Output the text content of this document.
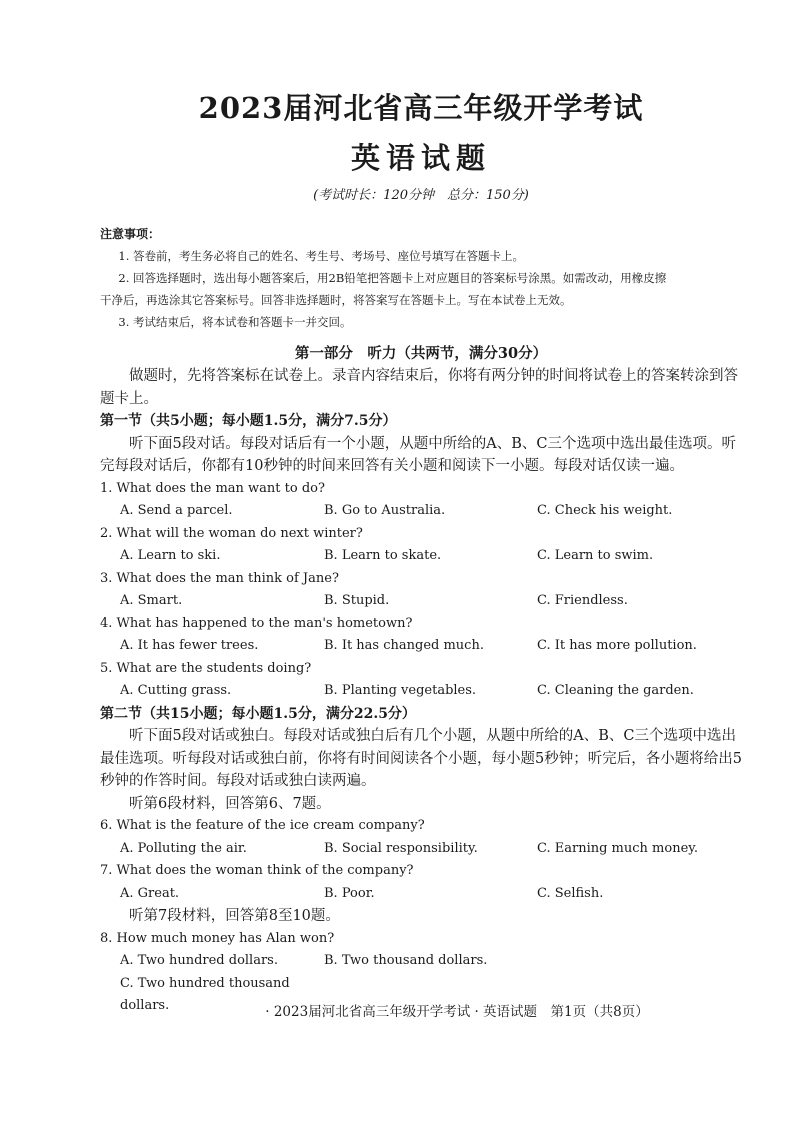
2023届河北省高三年级开学考试
英语试题
(考试时长：120分钟　总分：150分)
注意事项：
1. 答卷前，考生务必将自己的姓名、考生号、考场号、座位号填写在答题卡上。
2. 回答选择题时，选出每小题答案后，用2B铅笔把答题卡上对应题目的答案标号涂黑。如需改动，用橡皮擦
干净后，再选涂其它答案标号。回答非选择题时，将答案写在答题卡上。写在本试卷上无效。
3. 考试结束后，将本试卷和答题卡一并交回。
第一部分　听力（共两节，满分30分）

做题时，先将答案标在试卷上。录音内容结束后，你将有两分钟的时间将试卷上的答案转涂到答题卡上。

第一节（共5小题；每小题1.5分，满分7.5分）

听下面5段对话。每段对话后有一个小题，从题中所给的A、B、C三个选项中选出最佳选项。听完每段对话后，你都有10秒钟的时间来回答有关小题和阅读下一小题。每段对话仅读一遍。

1. What does the man want to do?

A. Send a parcel.	B. Go to Australia.	C. Check his weight.

2. What will the woman do next winter?

A. Learn to ski.	B. Learn to skate.	C. Learn to swim.

3. What does the man think of Jane?

A. Smart.	B. Stupid.	C. Friendless.

4. What has happened to the man's hometown?

A. It has fewer trees.	B. It has changed much.	C. It has more pollution.

5. What are the students doing?

A. Cutting grass.	B. Planting vegetables.	C. Cleaning the garden.

第二节（共15小题；每小题1.5分，满分22.5分）

听下面5段对话或独白。每段对话或独白后有几个小题，从题中所给的A、B、C三个选项中选出最佳选项。听每段对话或独白前，你将有时间阅读各个小题，每小题5秒钟；听完后，各小题将给出5秒钟的作答时间。每段对话或独白读两遍。

听第6段材料，回答第6、7题。

6. What is the feature of the ice cream company?

A. Polluting the air.	B. Social responsibility.	C. Earning much money.

7. What does the woman think of the company?

A. Great.	B. Poor.	C. Selfish.

听第7段材料，回答第8至10题。

8. How much money has Alan won?

A. Two hundred dollars.	B. Two thousand dollars.
C. Two hundred thousand dollars.	· 2023届河北省高三年级开学考试 · 英语试题　第1页（共8页）
